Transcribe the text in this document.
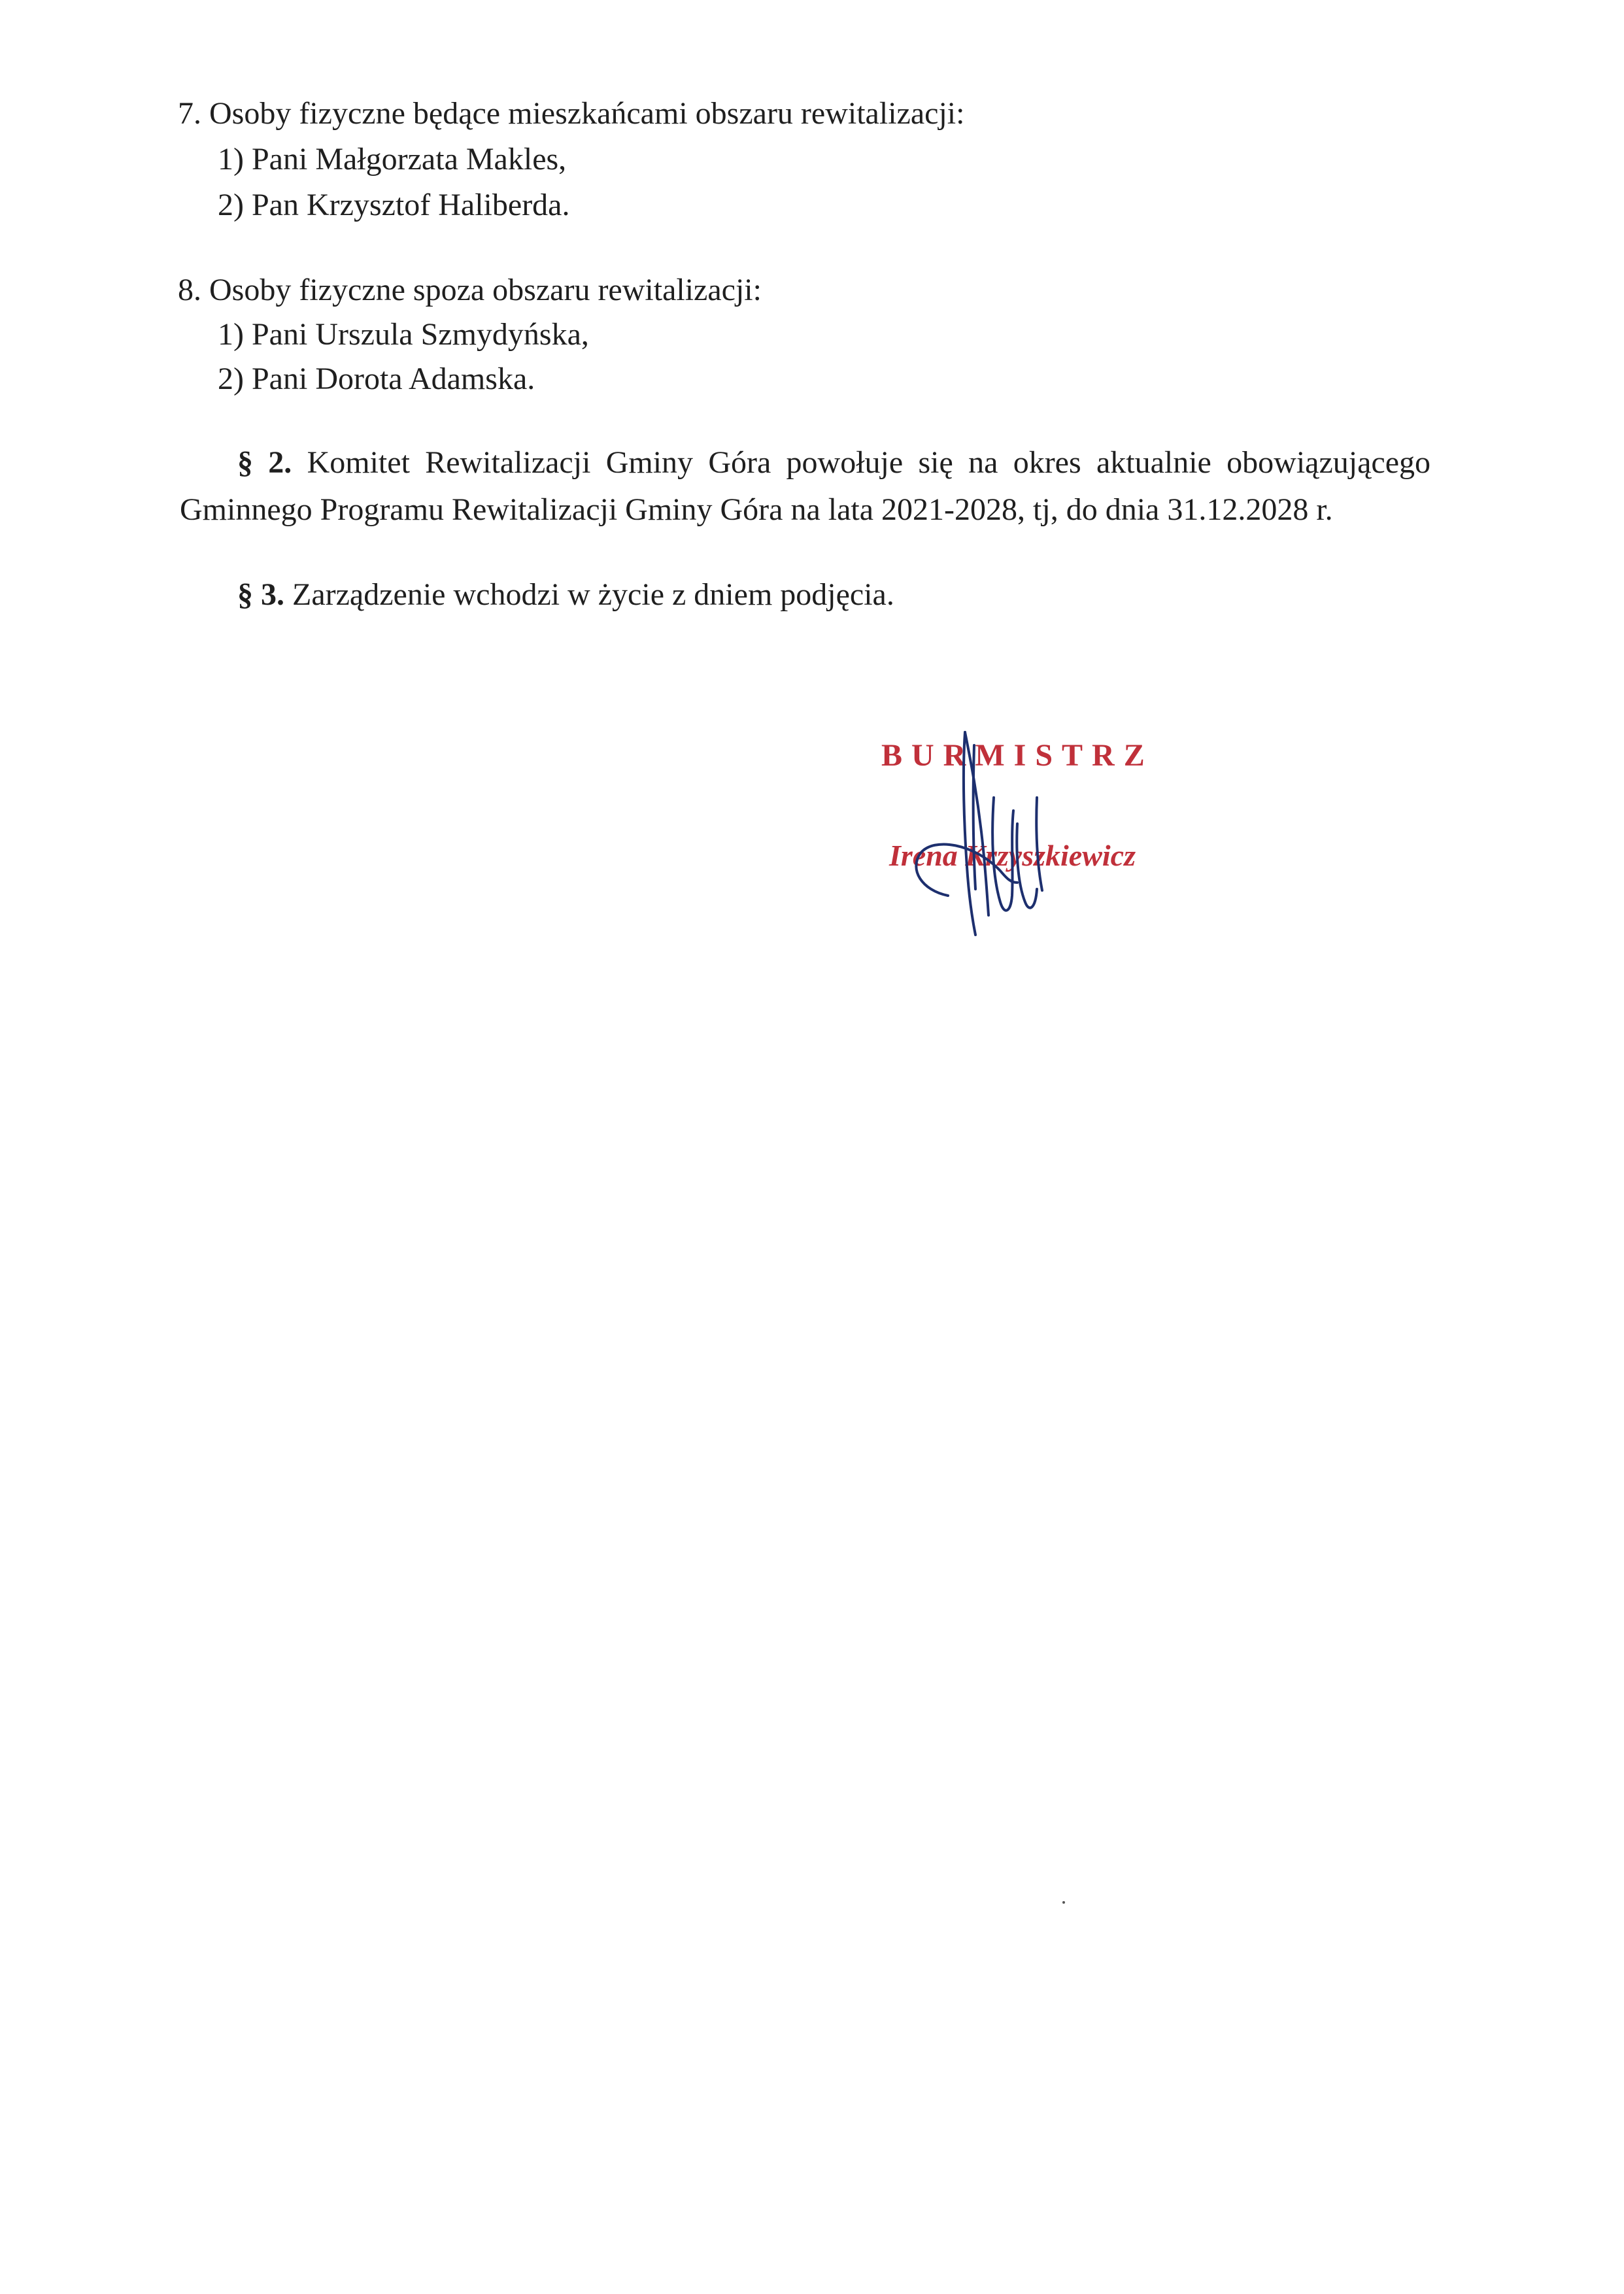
7. Osoby fizyczne będące mieszkańcami obszaru rewitalizacji:
1) Pani Małgorzata Makles,
2) Pan Krzysztof Haliberda.
8. Osoby fizyczne spoza obszaru rewitalizacji:
1) Pani Urszula Szmydyńska,
2) Pani Dorota Adamska.
§ 2. Komitet Rewitalizacji Gminy Góra powołuje się na okres aktualnie obowiązującego Gminnego Programu Rewitalizacji Gminy Góra na lata 2021-2028, tj, do dnia 31.12.2028 r.
§ 3. Zarządzenie wchodzi w życie z dniem podjęcia.
BURMISTRZ
Irena Krzyszkiewicz
